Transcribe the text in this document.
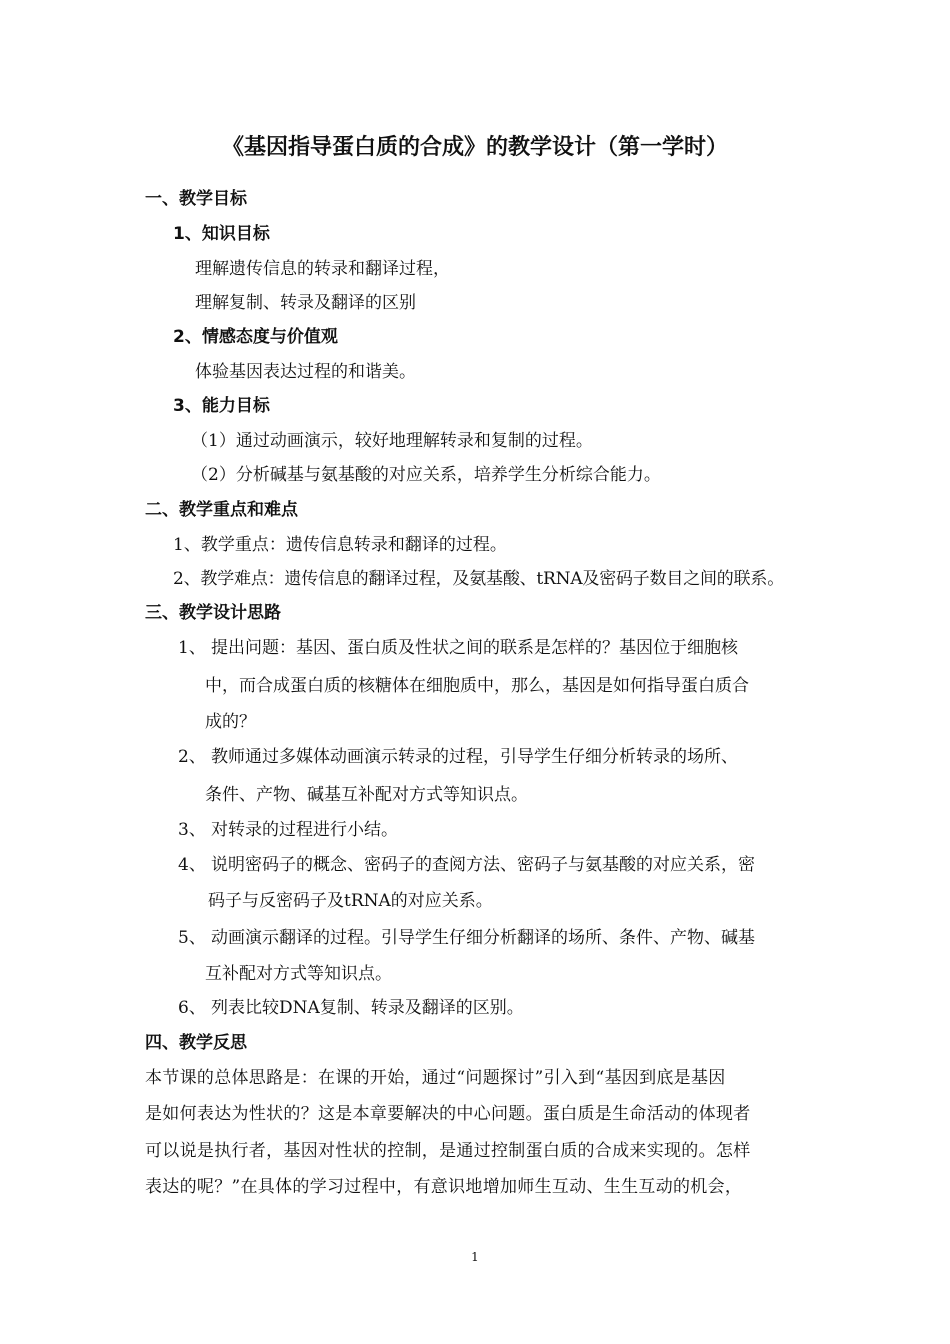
《基因指导蛋白质的合成》的教学设计（第一学时）
一、教学目标
1、知识目标
理解遗传信息的转录和翻译过程，
理解复制、转录及翻译的区别
2、情感态度与价值观
体验基因表达过程的和谐美。
3、能力目标
（1）通过动画演示，较好地理解转录和复制的过程。
（2）分析碱基与氨基酸的对应关系，培养学生分析综合能力。
二、教学重点和难点
1、教学重点：遗传信息转录和翻译的过程。
2、教学难点：遗传信息的翻译过程，及氨基酸、tRNA及密码子数目之间的联系。
三、教学设计思路
1、 提出问题：基因、蛋白质及性状之间的联系是怎样的？基因位于细胞核
中，而合成蛋白质的核糖体在细胞质中，那么，基因是如何指导蛋白质合
成的？
2、 教师通过多媒体动画演示转录的过程，引导学生仔细分析转录的场所、
条件、产物、碱基互补配对方式等知识点。
3、 对转录的过程进行小结。
4、 说明密码子的概念、密码子的查阅方法、密码子与氨基酸的对应关系，密
码子与反密码子及tRNA的对应关系。
5、 动画演示翻译的过程。引导学生仔细分析翻译的场所、条件、产物、碱基
互补配对方式等知识点。
6、 列表比较DNA复制、转录及翻译的区别。
四、教学反思
本节课的总体思路是：在课的开始，通过“问题探讨”引入到“基因到底是基因
是如何表达为性状的？这是本章要解决的中心问题。蛋白质是生命活动的体现者
可以说是执行者，基因对性状的控制，是通过控制蛋白质的合成来实现的。怎样
表达的呢？”在具体的学习过程中，有意识地增加师生互动、生生互动的机会，
1
